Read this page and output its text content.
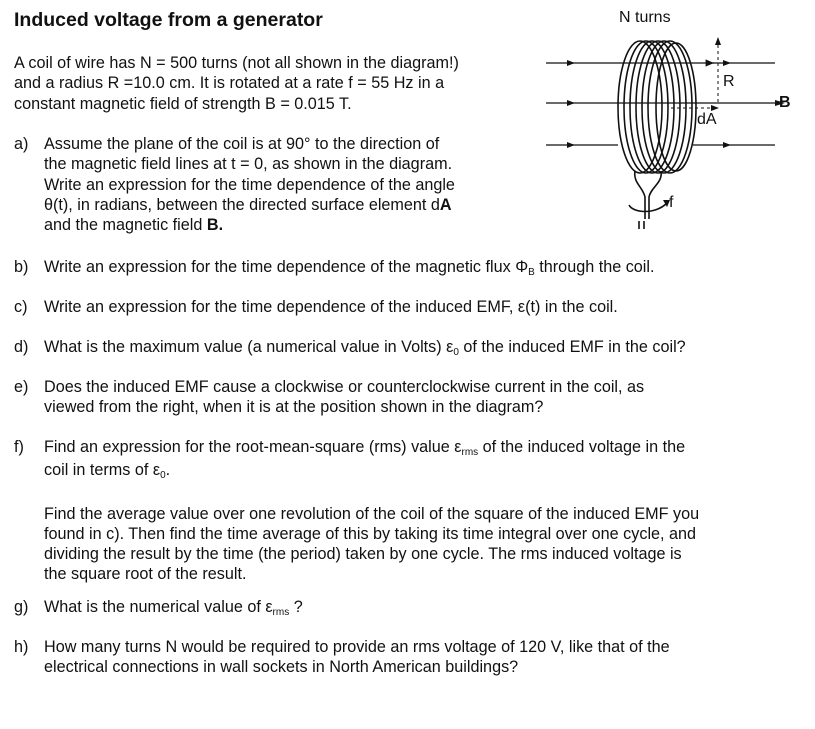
Induced voltage from a generator

A coil of wire has N = 500 turns (not all shown in the diagram!)
and a radius R =10.0 cm. It is rotated at a rate f = 55 Hz in a
constant magnetic field of strength B = 0.015 T.

N turns
R
B
dA
f
a) Assume the plane of the coil is at 90° to the direction of
the magnetic field lines at t = 0, as shown in the diagram.
Write an expression for the time dependence of the angle
θ(t), in radians, between the directed surface element dA
and the magnetic field B.
b) Write an expression for the time dependence of the magnetic flux ΦB through the coil.
c) Write an expression for the time dependence of the induced EMF, ε(t) in the coil.
d) What is the maximum value (a numerical value in Volts) ε0 of the induced EMF in the coil?
e) Does the induced EMF cause a clockwise or counterclockwise current in the coil, as
viewed from the right, when it is at the position shown in the diagram?
f) Find an expression for the root-mean-square (rms) value εrms of the induced voltage in the
coil in terms of ε0.
Find the average value over one revolution of the coil of the square of the induced EMF you
found in c). Then find the time average of this by taking its time integral over one cycle, and
dividing the result by the time (the period) taken by one cycle. The rms induced voltage is
the square root of the result.
g) What is the numerical value of εrms ?
h) How many turns N would be required to provide an rms voltage of 120 V, like that of the
electrical connections in wall sockets in North American buildings?
